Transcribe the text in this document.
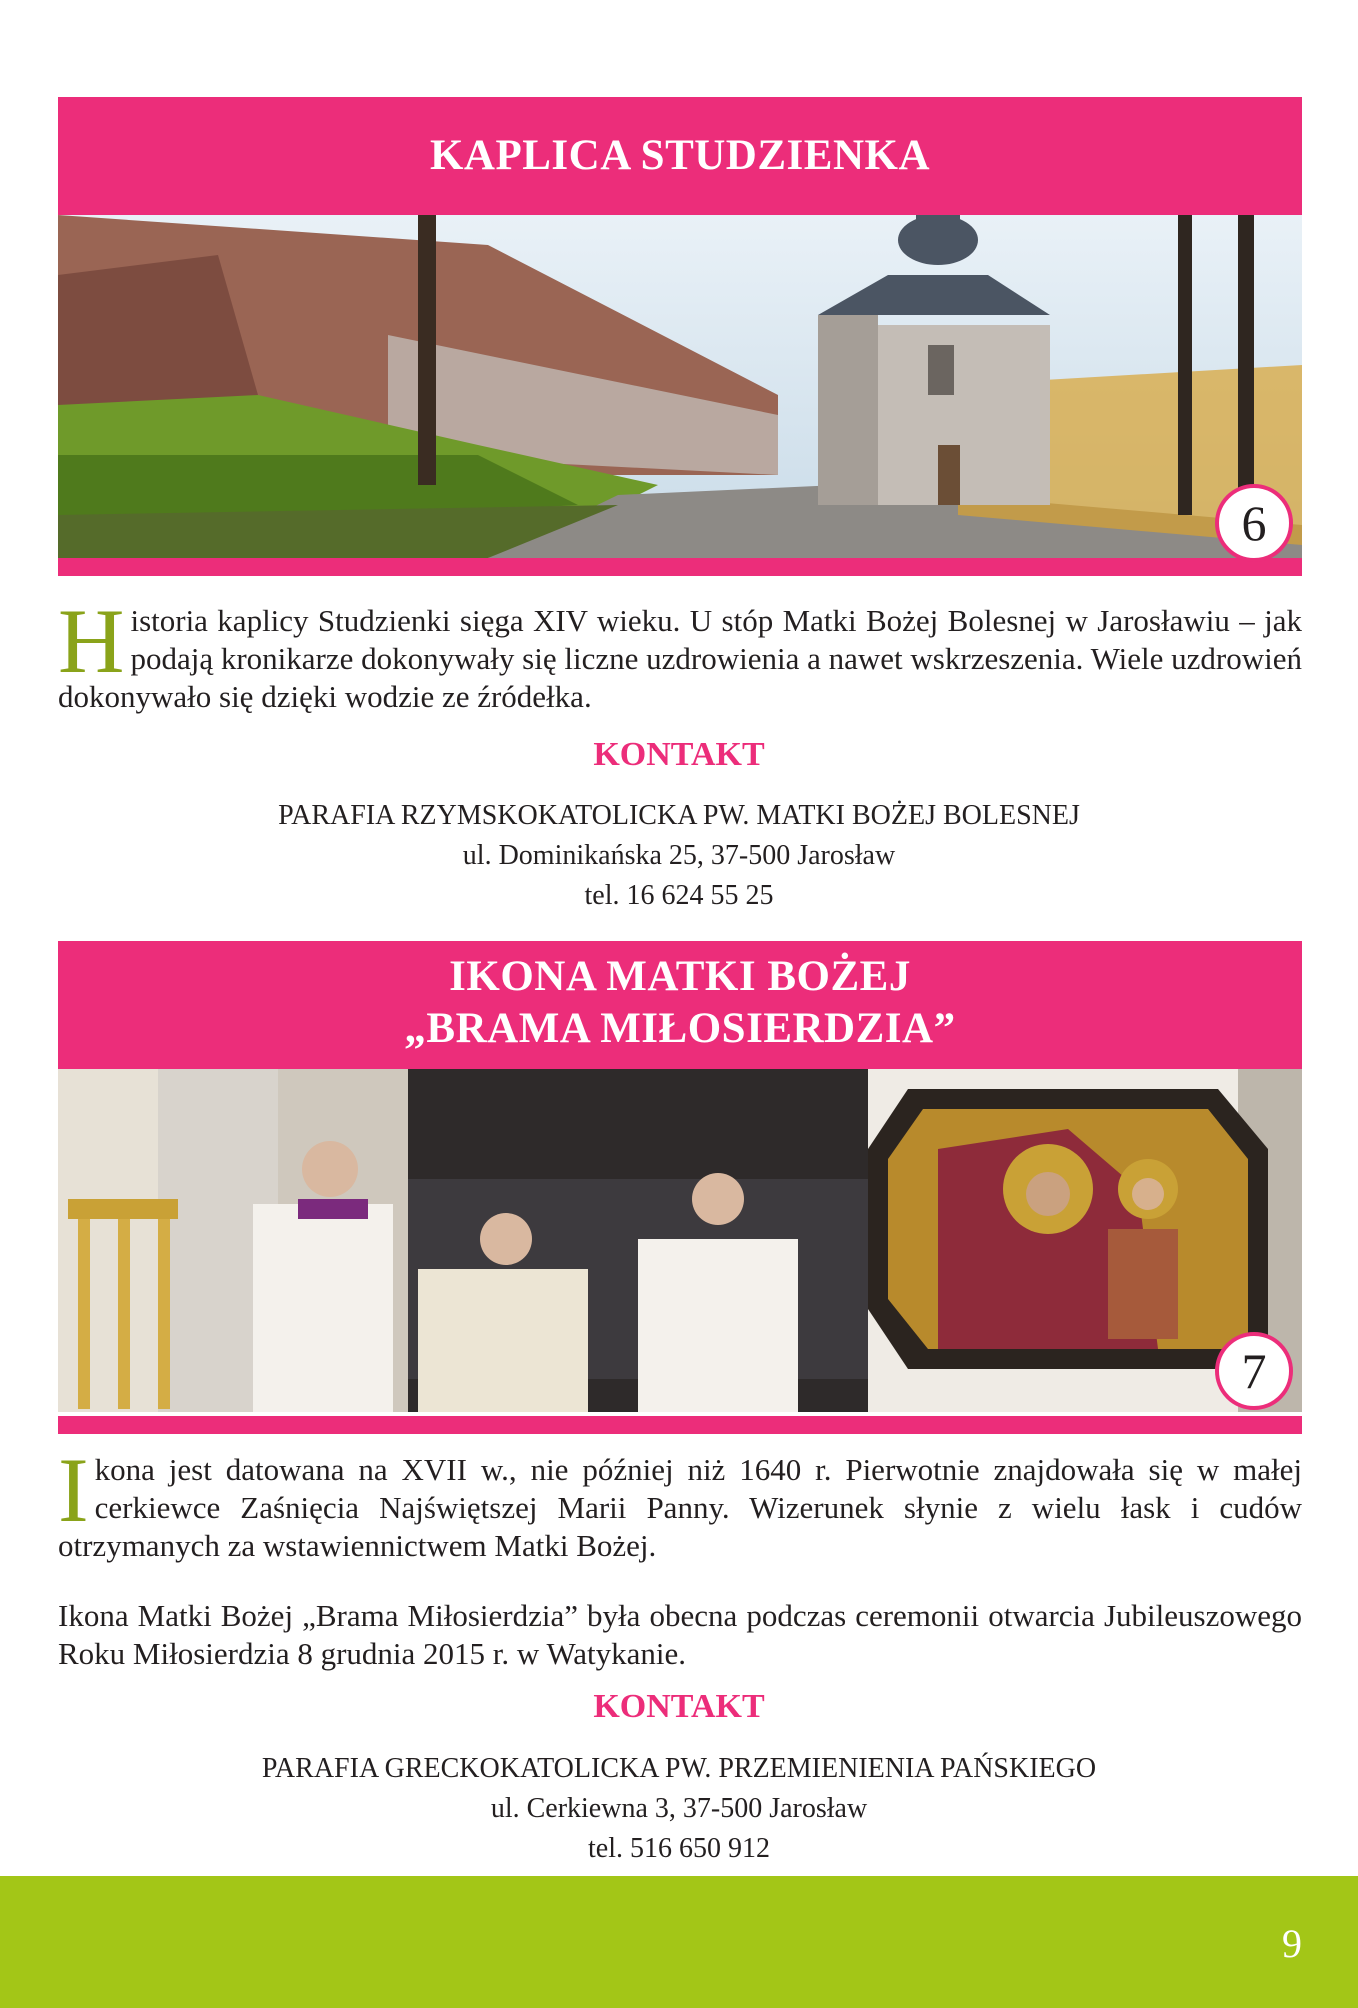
KAPLICA STUDZIENKA
6

Historia kaplicy Studzienki sięga XIV wieku. U stóp Matki Bożej Bolesnej w Jarosławiu – jak podają kronikarze dokonywały się liczne uzdrowienia a nawet wskrzeszenia. Wiele uzdrowień dokonywało się dzięki wodzie ze źródełka.

KONTAKT
PARAFIA RZYMSKOKATOLICKA PW. MATKI BOŻEJ BOLESNEJ
ul. Dominikańska 25, 37-500 Jarosław
tel. 16 624 55 25
IKONA MATKI BOŻEJ
„BRAMA MIŁOSIERDZIA”
7

Ikona jest datowana na XVII w., nie później niż 1640 r. Pierwotnie znajdowała się w małej cerkiewce Zaśnięcia Najświętszej Marii Panny. Wizerunek słynie z wielu łask i cudów otrzymanych za wstawiennictwem Matki Bożej.

Ikona Matki Bożej „Brama Miłosierdzia” była obecna podczas ceremonii otwarcia Jubileuszowego Roku Miłosierdzia 8 grudnia 2015 r. w Watykanie.

KONTAKT
PARAFIA GRECKOKATOLICKA PW. PRZEMIENIENIA PAŃSKIEGO
ul. Cerkiewna 3, 37-500 Jarosław
tel. 516 650 912
9
